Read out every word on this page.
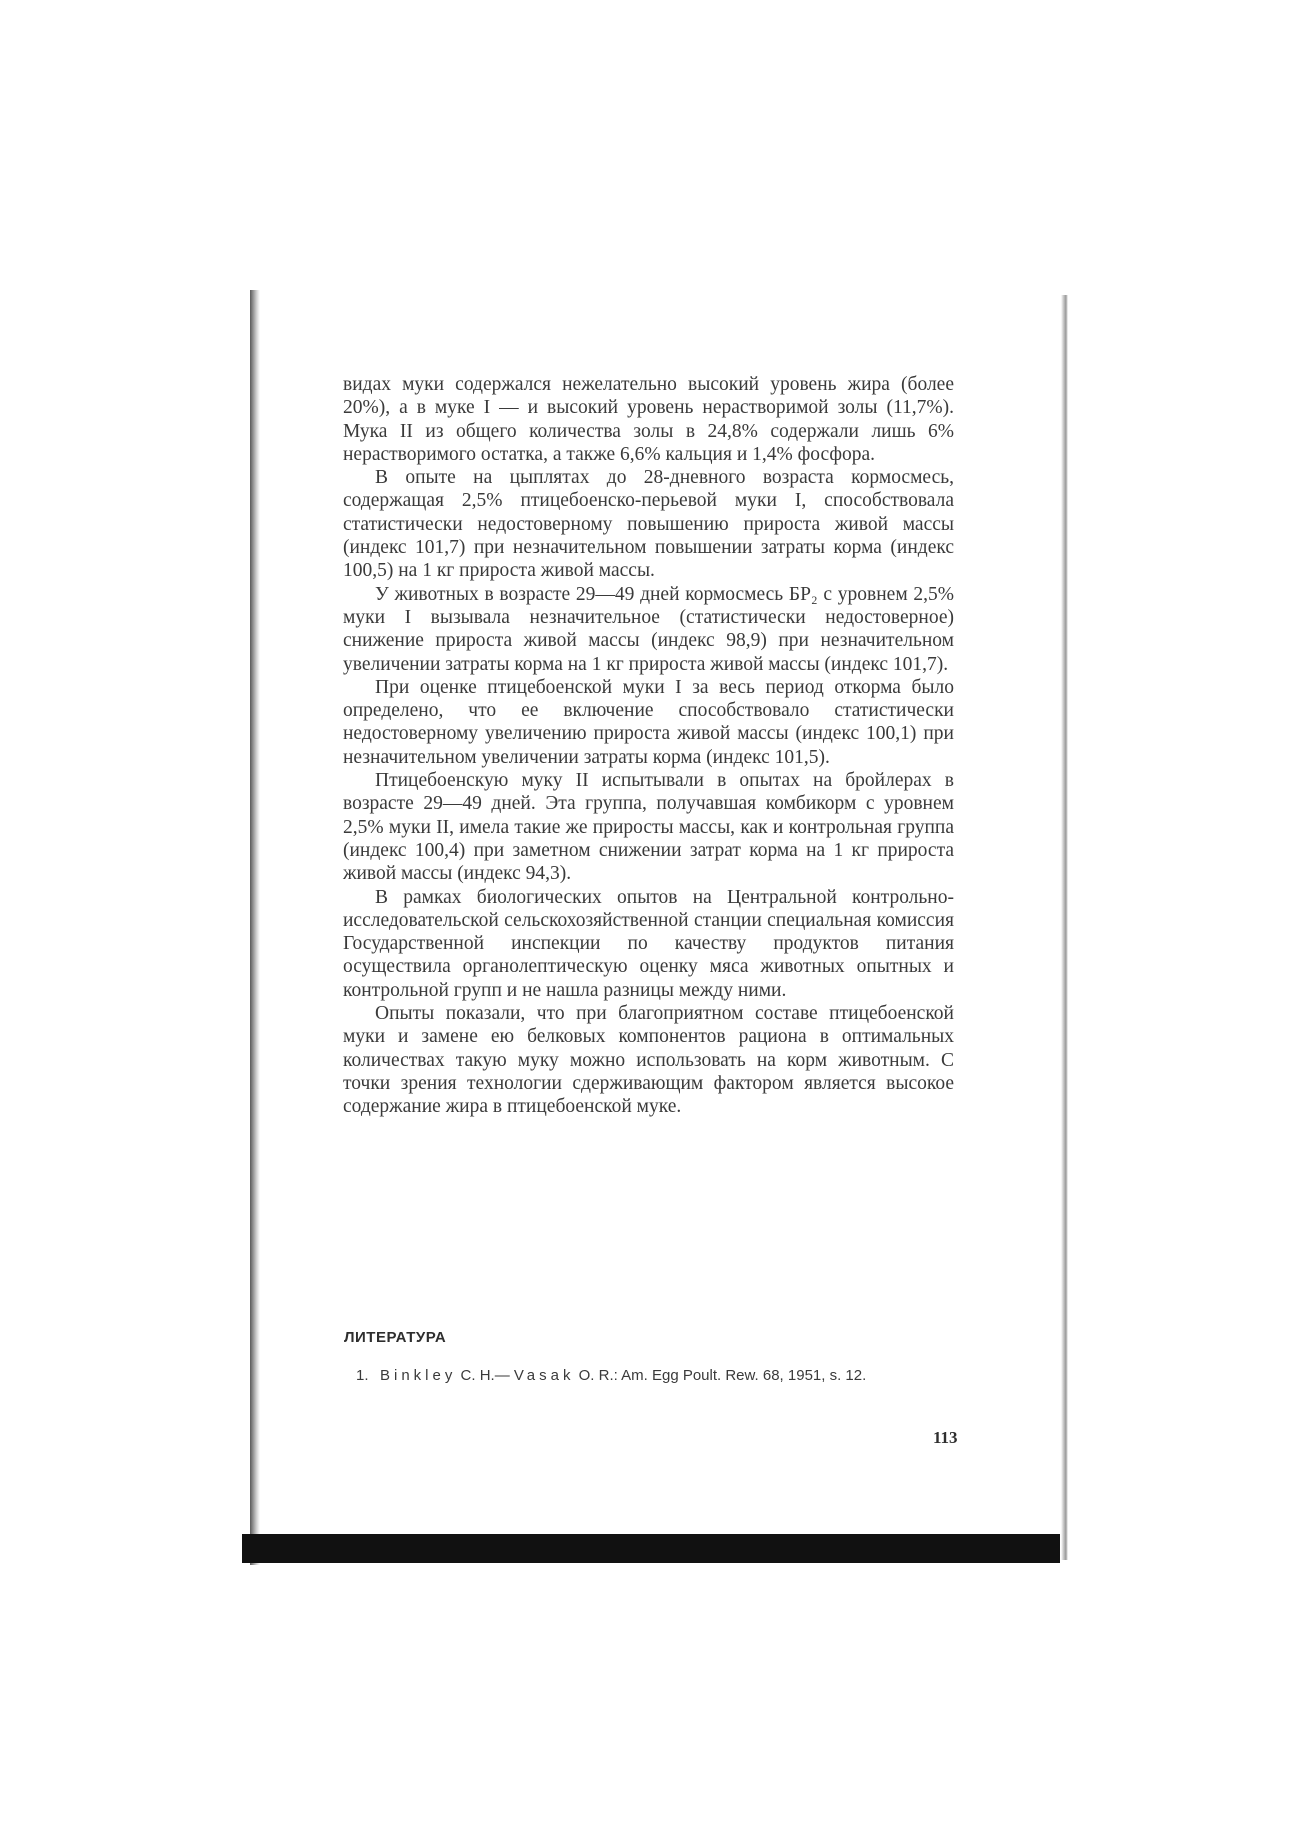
видах муки содержался нежелательно высокий уровень жира (более 20%), а в муке I — и высокий уровень нерастворимой золы (11,7%). Мука II из общего количества золы в 24,8% содержали лишь 6% нерастворимого остатка, а также 6,6% кальция и 1,4% фосфора.

В опыте на цыплятах до 28-дневного возраста кормосмесь, содержащая 2,5% птицебоенско-перьевой муки I, способствовала статистически недостоверному повышению прироста живой массы (индекс 101,7) при незначительном повышении затраты корма (индекс 100,5) на 1 кг прироста живой массы.

У животных в возрасте 29—49 дней кормосмесь БР₂ с уровнем 2,5% муки I вызывала незначительное (статистически недостоверное) снижение прироста живой массы (индекс 98,9) при незначительном увеличении затраты корма на 1 кг прироста живой массы (индекс 101,7).

При оценке птицебоенской муки I за весь период откорма было определено, что ее включение способствовало статистически недостоверному увеличению прироста живой массы (индекс 100,1) при незначительном увеличении затраты корма (индекс 101,5).

Птицебоенскую муку II испытывали в опытах на бройлерах в возрасте 29—49 дней. Эта группа, получавшая комбикорм с уровнем 2,5% муки II, имела такие же приросты массы, как и контрольная группа (индекс 100,4) при заметном снижении затрат корма на 1 кг прироста живой массы (индекс 94,3).

В рамках биологических опытов на Центральной контрольно-исследовательской сельскохозяйственной станции специальная комиссия Государственной инспекции по качеству продуктов питания осуществила органолептическую оценку мяса животных опытных и контрольной групп и не нашла разницы между ними.

Опыты показали, что при благоприятном составе птицебоенской муки и замене ею белковых компонентов рациона в оптимальных количествах такую муку можно использовать на корм животным. С точки зрения технологии сдерживающим фактором является высокое содержание жира в птицебоенской муке.

ЛИТЕРАТУРА
1. Binkley C. H.— Vasak O. R.: Am. Egg Poult. Rew. 68, 1951, s. 12.
113
